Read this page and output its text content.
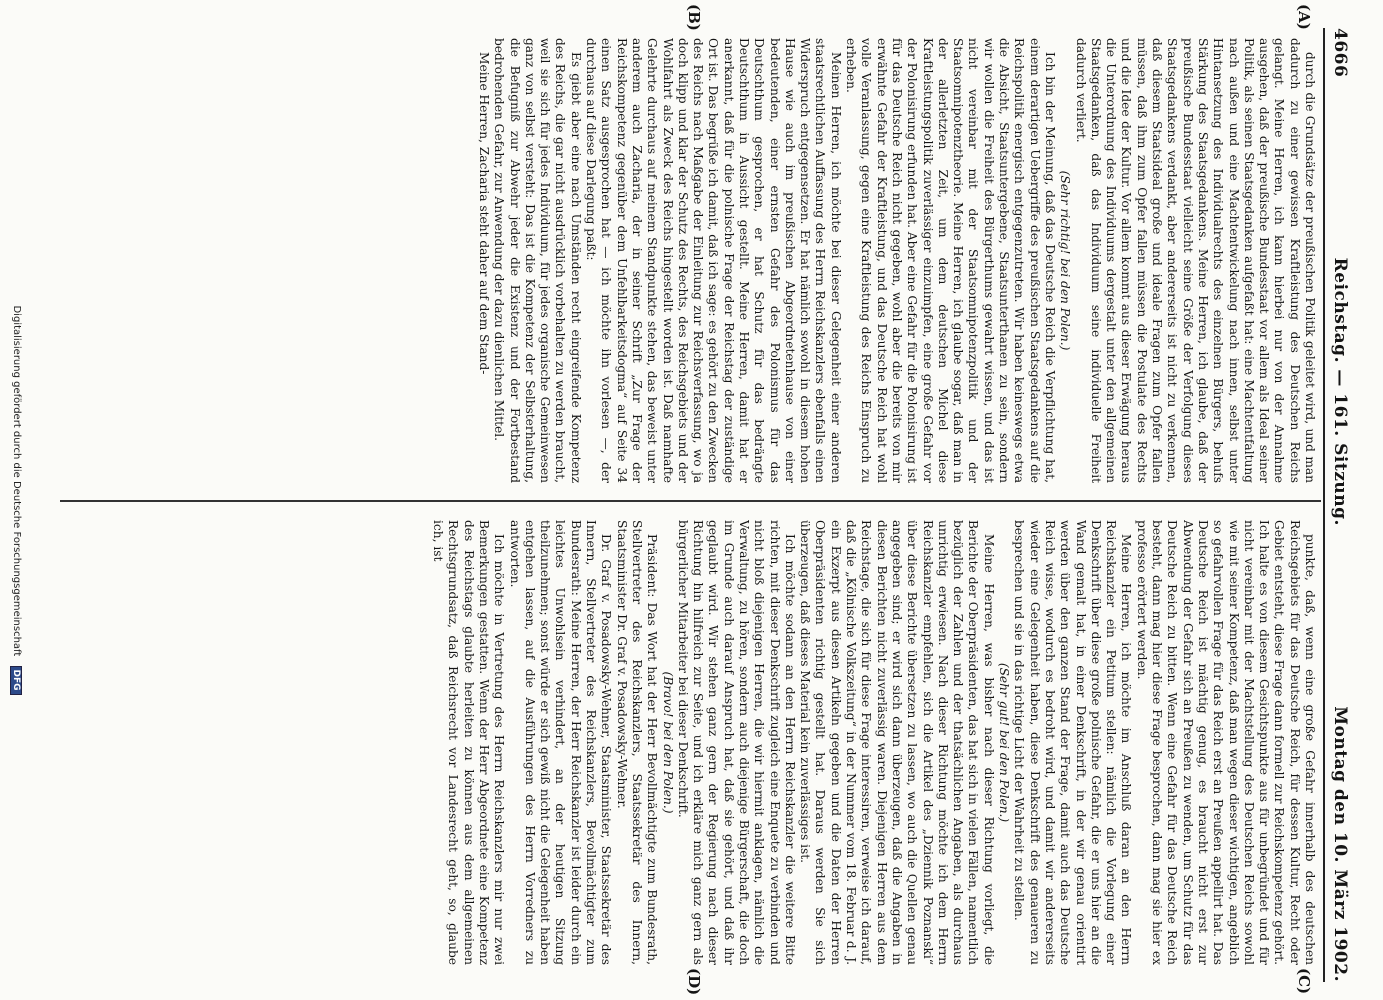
4666
Reichstag. — 161. Sitzung.
Montag den 10. März 1902.
(A)
(B)
(C)
(D)

durch die Grundsätze der preußischen Politik geleitet wird, und man dadurch zu einer gewissen Kraftleistung des Deutschen Reichs gelangt. Meine Herren, ich kann hierbei nur von der Annahme ausgehen, daß der preußische Bundesstaat vor allem als Ideal seiner Politik, als seinen Staatsgedanken aufgefaßt hat: eine Machtentfaltung nach außen und eine Machtentwickelung nach innen, selbst unter Hintansetzung des Individualrechts des einzelnen Bürgers, behufs Stärkung des Staatsgedankens. Meine Herren, ich glaube, daß der preußische Bundesstaat vielleicht seine Größe der Verfolgung dieses Staatsgedankens verdankt, aber andererseits ist nicht zu verkennen, daß diesem Staatsideal große und ideale Fragen zum Opfer fallen müssen, daß ihm zum Opfer fallen müssen die Postulate des Rechts und die Idee der Kultur. Vor allem kommt aus dieser Erwägung heraus die Unterordnung des Individuums dergestalt unter den allgemeinen Staatsgedanken, daß das Individuum seine individuelle Freiheit dadurch verliert.

(Sehr richtig! bei den Polen.)

Ich bin der Meinung, daß das Deutsche Reich die Verpflichtung hat, einem derartigen Uebergriffe des preußischen Staatsgedankens auf die Reichspolitik energisch entgegenzutreten. Wir haben keineswegs etwa die Absicht, Staatsuntergebene, Staatsunterthanen zu sein, sondern wir wollen die Freiheit des Bürgerthums gewahrt wissen, und das ist nicht vereinbar mit der Staatsomnipotenzpolitik und der Staatsomnipotenztheorie. Meine Herren, ich glaube sogar, daß man in der allerletzten Zeit, um dem deutschen Michel diese Kraftleistungspolitik zuverlässiger einzuimpfen, eine große Gefahr vor der Polonisirung erfunden hat. Aber eine Gefahr für die Polonisirung ist für das Deutsche Reich nicht gegeben, wohl aber die bereits von mir erwähnte Gefahr der Kraftleistung, und das Deutsche Reich hat wohl volle Veranlassung, gegen eine Kraftleistung des Reichs Einspruch zu erheben.

Meinen Herren, ich möchte bei dieser Gelegenheit einer anderen staatsrechtlichen Auffassung des Herrn Reichskanzlers ebenfalls einen Widerspruch entgegensetzen. Er hat nämlich sowohl in diesem hohen Hause wie auch im preußischen Abgeordnetenhause von einer bedeutenden, einer ernsten Gefahr des Polonismus für das Deutschthum gesprochen, er hat Schutz für das bedrängte Deutschthum in Aussicht gestellt. Meine Herren, damit hat er anerkannt, daß für die polnische Frage der Reichstag der zuständige Ort ist. Das begrüße ich damit, daß ich sage: es gehört zu den Zwecken des Reichs nach Maßgabe der Einleitung zur Reichsverfassung, wo ja doch klipp und klar der Schutz des Rechts, des Reichsgebiets und der Wohlfahrt als Zweck des Reichs hingestellt worden ist. Daß namhafte Gelehrte durchaus auf meinem Standpunkte stehen, das beweist unter anderem auch Zacharia, der in seiner Schrift „Zur Frage der Reichskompetenz gegenüber dem Unfehlbarkeitsdogma“ auf Seite 34 einen Satz ausgesprochen hat — ich möchte ihn vorlesen —, der durchaus auf diese Darlegung paßt:

Es giebt aber eine nach Umständen recht eingreifende Kompetenz des Reichs, die gar nicht ausdrücklich vorbehalten zu werden braucht, weil sie sich für jedes Individuum, für jedes organische Gemeinwesen ganz von selbst versteht: Das ist die Kompetenz der Selbsterhaltung, die Befugniß zur Abwehr jeder die Existenz und der Fortbestand bedrohenden Gefahr, zur Anwendung der dazu dienlichen Mittel.

Meine Herren, Zacharia steht daher auf dem Stand-

punkte, daß, wenn eine große Gefahr innerhalb des deutschen Reichsgebiets für das Deutsche Reich, für dessen Kultur, Recht oder Gebiet entsteht, diese Frage dann formell zur Reichskompetenz gehört. Ich halte es von diesem Gesichtspunkte aus für unbegründet und für nicht vereinbar mit der Machtstellung des Deutschen Reichs sowohl wie mit seiner Kompetenz, daß man wegen dieser wichtigen, angeblich so gefahrvollen Frage für das Reich erst an Preußen appellirt hat. Das Deutsche Reich ist mächtig genug, es braucht nicht erst zur Abwendung der Gefahr sich an Preußen zu wenden, um Schutz für das Deutsche Reich zu bitten. Wenn eine Gefahr für das Deutsche Reich besteht, dann mag hier diese Frage besprochen, dann mag sie hier ex professo erörtert werden.

Meine Herren, ich möchte im Anschluß daran an den Herrn Reichskanzler ein Petitum stellen: nämlich die Vorlegung einer Denkschrift über diese große polnische Gefahr, die er uns hier an die Wand gemalt hat, in einer Denkschrift, in der wir genau orientirt werden über den ganzen Stand der Frage, damit auch das Deutsche Reich wisse, wodurch es bedroht wird, und damit wir andererseits wieder eine Gelegenheit haben, diese Denkschrift des genaueren zu besprechen und sie in das richtige Licht der Wahrheit zu stellen.

(Sehr gut! bei den Polen.)

Meine Herren, was bisher nach dieser Richtung vorliegt, die Berichte der Oberpräsidenten, das hat sich in vielen Fällen, namentlich bezüglich der Zahlen und der thatsächlichen Angaben, als durchaus unrichtig erwiesen. Nach dieser Richtung möchte ich dem Herrn Reichskanzler empfehlen, sich die Artikel des „Dziennik Poznanski“ über diese Berichte übersetzen zu lassen, wo auch die Quellen genau angegeben sind; er wird sich dann überzeugen, daß die Angaben in diesen Berichten nicht zuverlässig waren. Diejenigen Herren aus dem Reichstage, die sich für diese Frage interessiren, verweise ich darauf, daß die „Kölnische Volkszeitung“ in der Nummer vom 18. Februar d. J. ein Exzerpt aus diesen Artikeln gegeben und die Daten der Herren Oberpräsidenten richtig gestellt hat. Daraus werden Sie sich überzeugen, daß dieses Material kein zuverlässiges ist.

Ich möchte sodann an den Herrn Reichskanzler die weitere Bitte richten, mit dieser Denkschrift zugleich eine Enquete zu verbinden und nicht bloß diejenigen Herren, die wir hiermit anklagen, nämlich die Verwaltung, zu hören, sondern auch diejenige Bürgerschaft, die doch im Grunde auch darauf Anspruch hat, daß sie gehört, und daß ihr geglaubt wird. Wir stehen ganz gern der Regierung nach dieser Richtung hin hilfreich zur Seite, und ich erkläre mich ganz gern als bürgerlicher Mitarbeiter bei dieser Denkschrift.

(Bravo! bei den Polen.)

Präsident: Das Wort hat der Herr Bevollmächtigte zum Bundesrath, Stellvertreter des Reichskanzlers, Staatssekretär des Innern, Staatsminister Dr. Graf v. Posadowsky-Wehner.

Dr. Graf v. Posadowsky-Wehner, Staatsminister, Staatssekretär des Innern, Stellvertreter des Reichskanzlers, Bevollmächtigter zum Bundesrath: Meine Herren, der Herr Reichskanzler ist leider durch ein leichtes Unwohlsein verhindert, an der heutigen Sitzung theilzunehmen; sonst würde er sich gewiß nicht die Gelegenheit haben entgehen lassen, auf die Ausführungen des Herrn Vorredners zu antworten.

Ich möchte in Vertretung des Herrn Reichskanzlers mir nur zwei Bemerkungen gestatten. Wenn der Herr Abgeordnete eine Kompetenz des Reichstags glaubte herleiten zu können aus dem allgemeinen Rechtsgrundsatz, daß Reichsrecht vor Landesrecht geht, so, glaube ich, ist

Digitalisierung gefördert durch die Deutsche Forschungsgemeinschaft DFG
